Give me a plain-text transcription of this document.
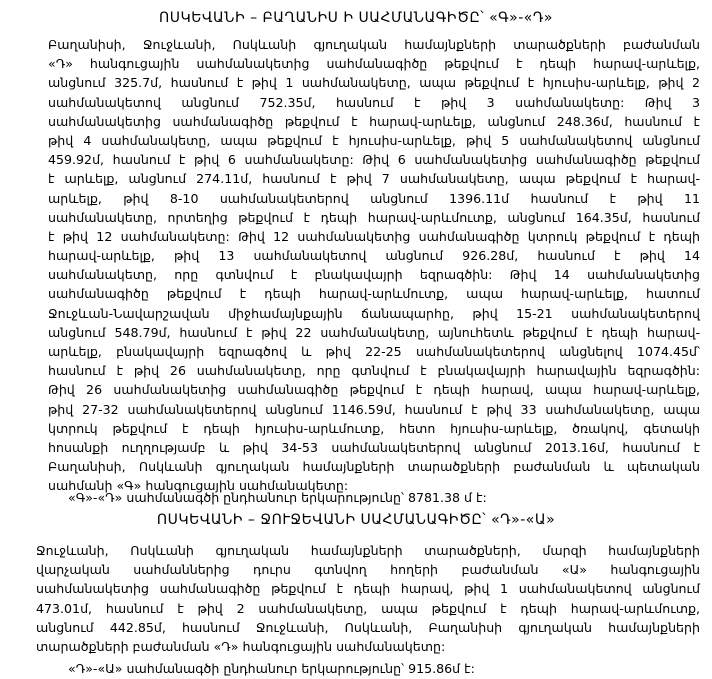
ՈՍԿԵՎԱՆԻ – ԲԱՂԱՆԻՍ Ի ՍԱՀՄԱՆԱԳԻԾԸ՝ «Գ»-«Դ»
Բաղանիսի, Ջուջևանի, Ոսկևանի գյուղական համայնքների տարածքների բաժանման
«Դ» հանգուցային սահմանակետից սահմանագիծը թեքվում է դեպի հարավ-արևելք,
անցնում 325.7մ, հասնում է թիվ 1 սահմանակետը, ապա թեքվում է հյուսիս-արևելք, թիվ 2
սահմանակետով անցնում 752.35մ, հասնում է թիվ 3 սահմանակետը: Թիվ 3
սահմանակետից սահմանագիծը թեքվում է հարավ-արևելք, անցնում 248.36մ, հասնում է
թիվ 4 սահմանակետը, ապա թեքվում է հյուսիս-արևելք, թիվ 5 սահմանակետով անցնում
459.92մ, հասնում է թիվ 6 սահմանակետը: Թիվ 6 սահմանակետից սահմանագիծը թեքվում
է արևելք, անցնում 274.11մ, հասնում է թիվ 7 սահմանակետը, ապա թեքվում է հարավ-
արևելք, թիվ 8-10 սահմանակետերով անցնում 1396.11մ հասնում է թիվ 11
սահմանակետը, որտեղից թեքվում է դեպի հարավ-արևմուտք, անցնում 164.35մ, հասնում
է թիվ 12 սահմանակետը: Թիվ 12 սահմանակետից սահմանագիծը կտրուկ թեքվում է դեպի
հարավ-արևելք, թիվ 13 սահմանակետով անցնում 926.28մ, հասնում է թիվ 14
սահմանակետը, որը գտնվում է բնակավայրի եզրագծին: Թիվ 14 սահմանակետից
սահմանագիծը թեքվում է դեպի հարավ-արևմուտք, ապա հարավ-արևելք, հատում
Ջուջևան-Նավարշավան միջհամայնքային ճանապարհը, թիվ 15-21 սահմանակետերով
անցնում 548.79մ, հասնում է թիվ 22 սահմանակետը, այնուհետև թեքվում է դեպի հարավ-
արևելք, բնակավայրի եզրագծով և թիվ 22-25 սահմանակետերով անցնելով 1074.45մ՝
հասնում է թիվ 26 սահմանակետը, որը գտնվում է բնակավայրի հարավային եզրագծին:
Թիվ 26 սահմանակետից սահմանագիծը թեքվում է դեպի հարավ, ապա հարավ-արևելք,
թիվ 27-32 սահմանակետերով անցնում 1146.59մ, հասնում է թիվ 33 սահմանակետը, ապա
կտրուկ թեքվում է դեպի հյուսիս-արևմուտք, հետո հյուսիս-արևելք, ծռակով, գետակի
հոսանքի ուղղությամբ և թիվ 34-53 սահմանակետերով անցնում 2013.16մ, հասնում է
Բաղանիսի, Ոսկևանի գյուղական համայնքների տարածքների բաժանման և պետական
սահմանի «Գ» հանգուցային սահմանակետը:
«Գ»-«Դ» սահմանագծի ընդհանուր երկարությունը՝ 8781.38 մ է:
ՈՍԿԵՎԱՆԻ – ՋՈՒՋԵՎԱՆԻ ՍԱՀՄԱՆԱԳԻԾԸ՝ «Դ»-«Ա»
Ջուջևանի, Ոսկևանի գյուղական համայնքների տարածքների, մարզի համայնքների
վարչական սահմաններից դուրս գտնվող հողերի բաժանման «Ա» հանգուցային
սահմանակետից սահմանագիծը թեքվում է դեպի հարավ, թիվ 1 սահմանակետով անցնում
473.01մ, հասնում է թիվ 2 սահմանակետը, ապա թեքվում է դեպի հարավ-արևմուտք,
անցնում 442.85մ, հասնում Ջուջևանի, Ոսկևանի, Բաղանիսի գյուղական համայնքների
տարածքների բաժանման «Դ» հանգուցային սահմանակետը:
«Դ»-«Ա» սահմանագծի ընդհանուր երկարությունը՝ 915.86մ է:
